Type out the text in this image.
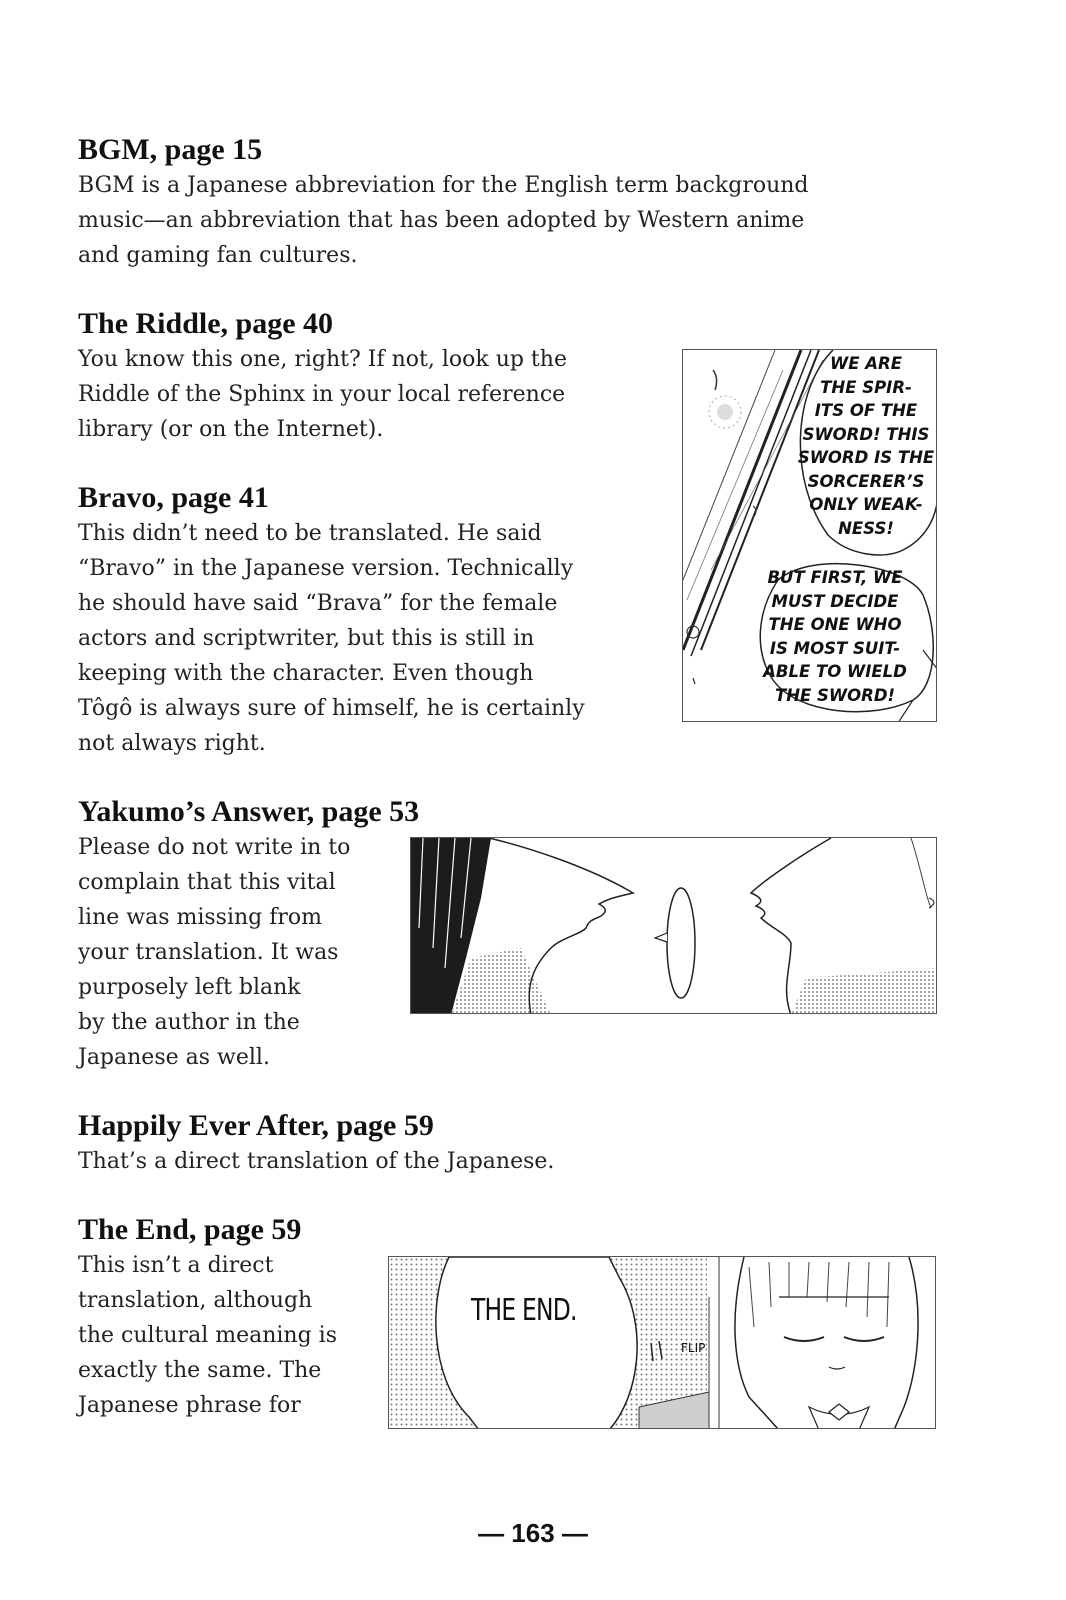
BGM, page 15

BGM is a Japanese abbreviation for the English term background
music—an abbreviation that has been adopted by Western anime
and gaming fan cultures.

The Riddle, page 40

You know this one, right? If not, look up the
Riddle of the Sphinx in your local reference
library (or on the Internet).

Bravo, page 41

This didn’t need to be translated. He said
“Bravo” in the Japanese version. Technically
he should have said “Brava” for the female
actors and scriptwriter, but this is still in
keeping with the character. Even though
Tôgô is always sure of himself, he is certainly
not always right.

Yakumo’s Answer, page 53

Please do not write in to
complain that this vital
line was missing from
your translation. It was
purposely left blank
by the author in the
Japanese as well.

Happily Ever After, page 59

That’s a direct translation of the Japanese.

The End, page 59

This isn’t a direct
translation, although
the cultural meaning is
exactly the same. The
Japanese phrase for

WE ARE
THE SPIR-
ITS OF THE
SWORD! THIS
SWORD IS THE
SORCERER’S
ONLY WEAK-
NESS!
BUT FIRST, WE
MUST DECIDE
THE ONE WHO
IS MOST SUIT-
ABLE TO WIELD
THE SWORD!
THE END.
FLIP
— 163 —
